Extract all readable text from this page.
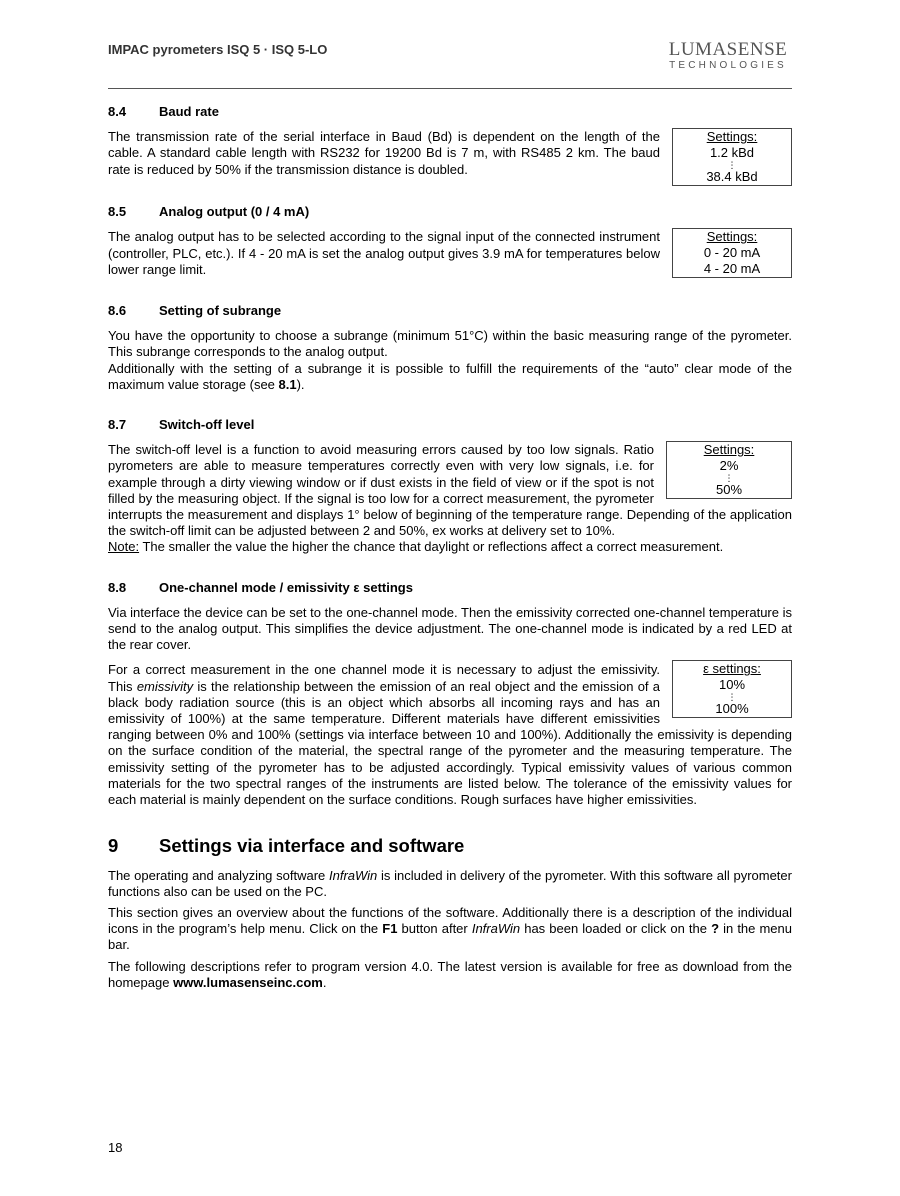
IMPAC pyrometers ISQ 5 · ISQ 5-LO	LUMASENSE
TECHNOLOGIES
8.4	Baud rate
Settings:
1.2 kBd
⋮
38.4 kBd

The transmission rate of the serial interface in Baud (Bd) is dependent on the length of the cable. A standard cable length with RS232 for 19200 Bd is 7 m, with RS485 2 km. The baud rate is reduced by 50% if the transmission distance is doubled.

8.5	Analog output (0 / 4 mA)
Settings:
0 - 20 mA
4 - 20 mA

The analog output has to be selected according to the signal input of the connected instrument (controller, PLC, etc.). If 4 - 20 mA is set the analog output gives 3.9 mA for temperatures below lower range limit.

8.6	Setting of subrange

You have the opportunity to choose a subrange (minimum 51°C) within the basic measuring range of the pyrometer. This subrange corresponds to the analog output.

Additionally with the setting of a subrange it is possible to fulfill the requirements of the “auto” clear mode of the maximum value storage (see 8.1).

8.7	Switch-off level
Settings:
2%
⋮
50%

The switch-off level is a function to avoid measuring errors caused by too low signals. Ratio pyrometers are able to measure temperatures correctly even with very low signals, i.e. for example through a dirty viewing window or if dust exists in the field of view or if the spot is not filled by the measuring object. If the signal is too low for a correct measurement, the pyrometer interrupts the measurement and displays 1° below of beginning of the temperature range. Depending of the application the switch-off limit can be adjusted between 2 and 50%, ex works at delivery set to 10%.

Note: The smaller the value the higher the chance that daylight or reflections affect a correct measurement.

8.8	One-channel mode / emissivity ε settings

Via interface the device can be set to the one-channel mode. Then the emissivity corrected one-channel temperature is send to the analog output. This simplifies the device adjustment. The one-channel mode is indicated by a red LED at the rear cover.

ε settings:
10%
⋮
100%

For a correct measurement in the one channel mode it is necessary to adjust the emissivity. This emissivity is the relationship between the emission of an real object and the emission of a black body radiation source (this is an object which absorbs all incoming rays and has an emissivity of 100%) at the same temperature. Different materials have different emissivities ranging between 0% and 100% (settings via interface between 10 and 100%). Additionally the emissivity is depending on the surface condition of the material, the spectral range of the pyrometer and the measuring temperature. The emissivity setting of the pyrometer has to be adjusted accordingly. Typical emissivity values of various common materials for the two spectral ranges of the instruments are listed below. The tolerance of the emissivity values for each material is mainly dependent on the surface conditions. Rough surfaces have higher emissivities.

9	Settings via interface and software

The operating and analyzing software InfraWin is included in delivery of the pyrometer. With this software all pyrometer functions also can be used on the PC.

This section gives an overview about the functions of the software. Additionally there is a description of the individual icons in the program’s help menu. Click on the F1 button after InfraWin has been loaded or click on the ? in the menu bar.

The following descriptions refer to program version 4.0. The latest version is available for free as download from the homepage www.lumasenseinc.com.

18
